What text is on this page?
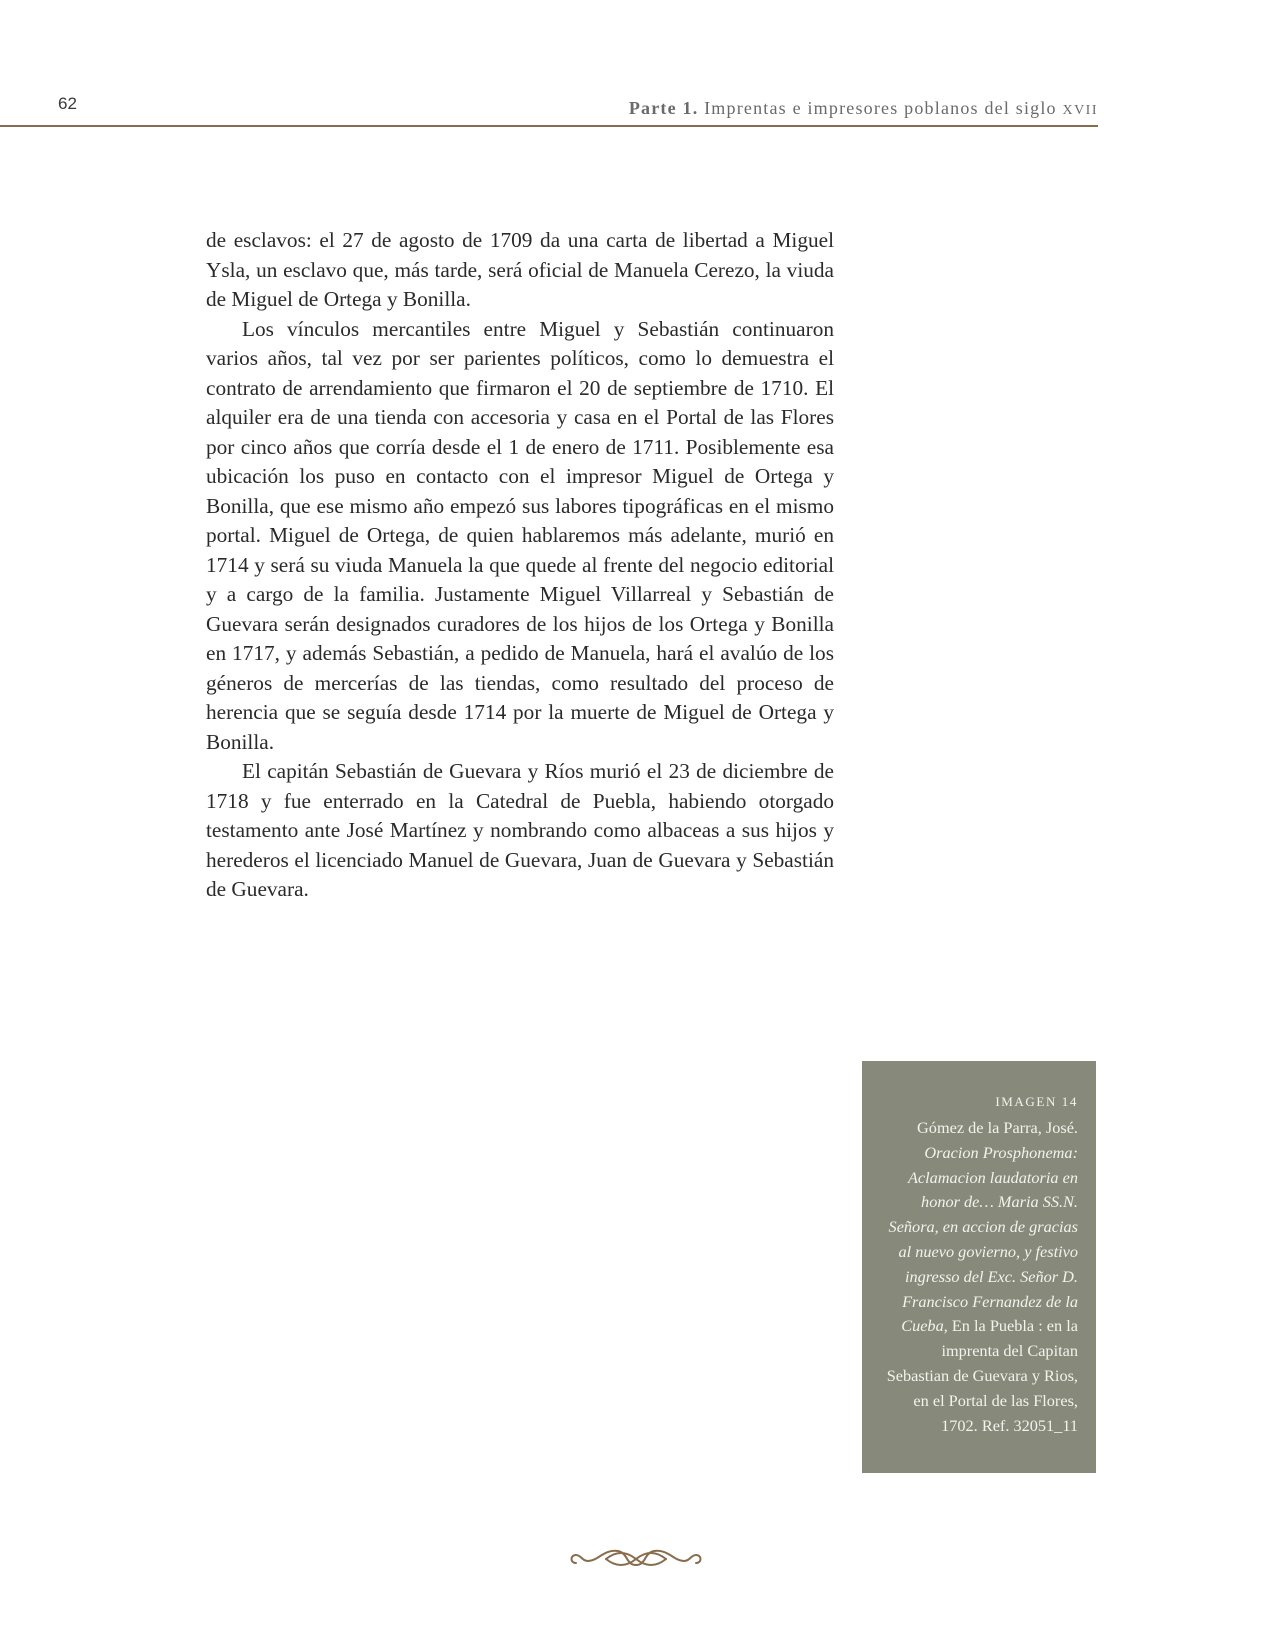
62	Parte 1. Imprentas e impresores poblanos del siglo XVII

de esclavos: el 27 de agosto de 1709 da una carta de libertad a Miguel Ysla, un esclavo que, más tarde, será oficial de Manuela Cerezo, la viuda de Miguel de Ortega y Bonilla.

Los vínculos mercantiles entre Miguel y Sebastián continuaron varios años, tal vez por ser parientes políticos, como lo demuestra el contrato de arrendamiento que firmaron el 20 de septiembre de 1710. El alquiler era de una tienda con accesoria y casa en el Portal de las Flores por cinco años que corría desde el 1 de enero de 1711. Posiblemente esa ubicación los puso en contacto con el impresor Miguel de Ortega y Bonilla, que ese mismo año empezó sus labores tipográficas en el mismo portal. Miguel de Ortega, de quien hablaremos más adelante, murió en 1714 y será su viuda Manuela la que quede al frente del negocio editorial y a cargo de la familia. Justamente Miguel Villarreal y Sebastián de Guevara serán designados curadores de los hijos de los Ortega y Bonilla en 1717, y además Sebastián, a pedido de Manuela, hará el avalúo de los géneros de mercerías de las tiendas, como resultado del proceso de herencia que se seguía desde 1714 por la muerte de Miguel de Ortega y Bonilla.

El capitán Sebastián de Guevara y Ríos murió el 23 de diciembre de 1718 y fue enterrado en la Catedral de Puebla, habiendo otorgado testamento ante José Martínez y nombrando como albaceas a sus hijos y herederos el licenciado Manuel de Guevara, Juan de Guevara y Sebastián de Guevara.

IMAGEN 14
Gómez de la Parra, José. Oracion Prosphonema: Aclamacion laudatoria en honor de… Maria SS.N. Señora, en accion de gracias al nuevo govierno, y festivo ingresso del Exc. Señor D. Francisco Fernandez de la Cueba, En la Puebla : en la imprenta del Capitan Sebastian de Guevara y Rios, en el Portal de las Flores, 1702. Ref. 32051_11
